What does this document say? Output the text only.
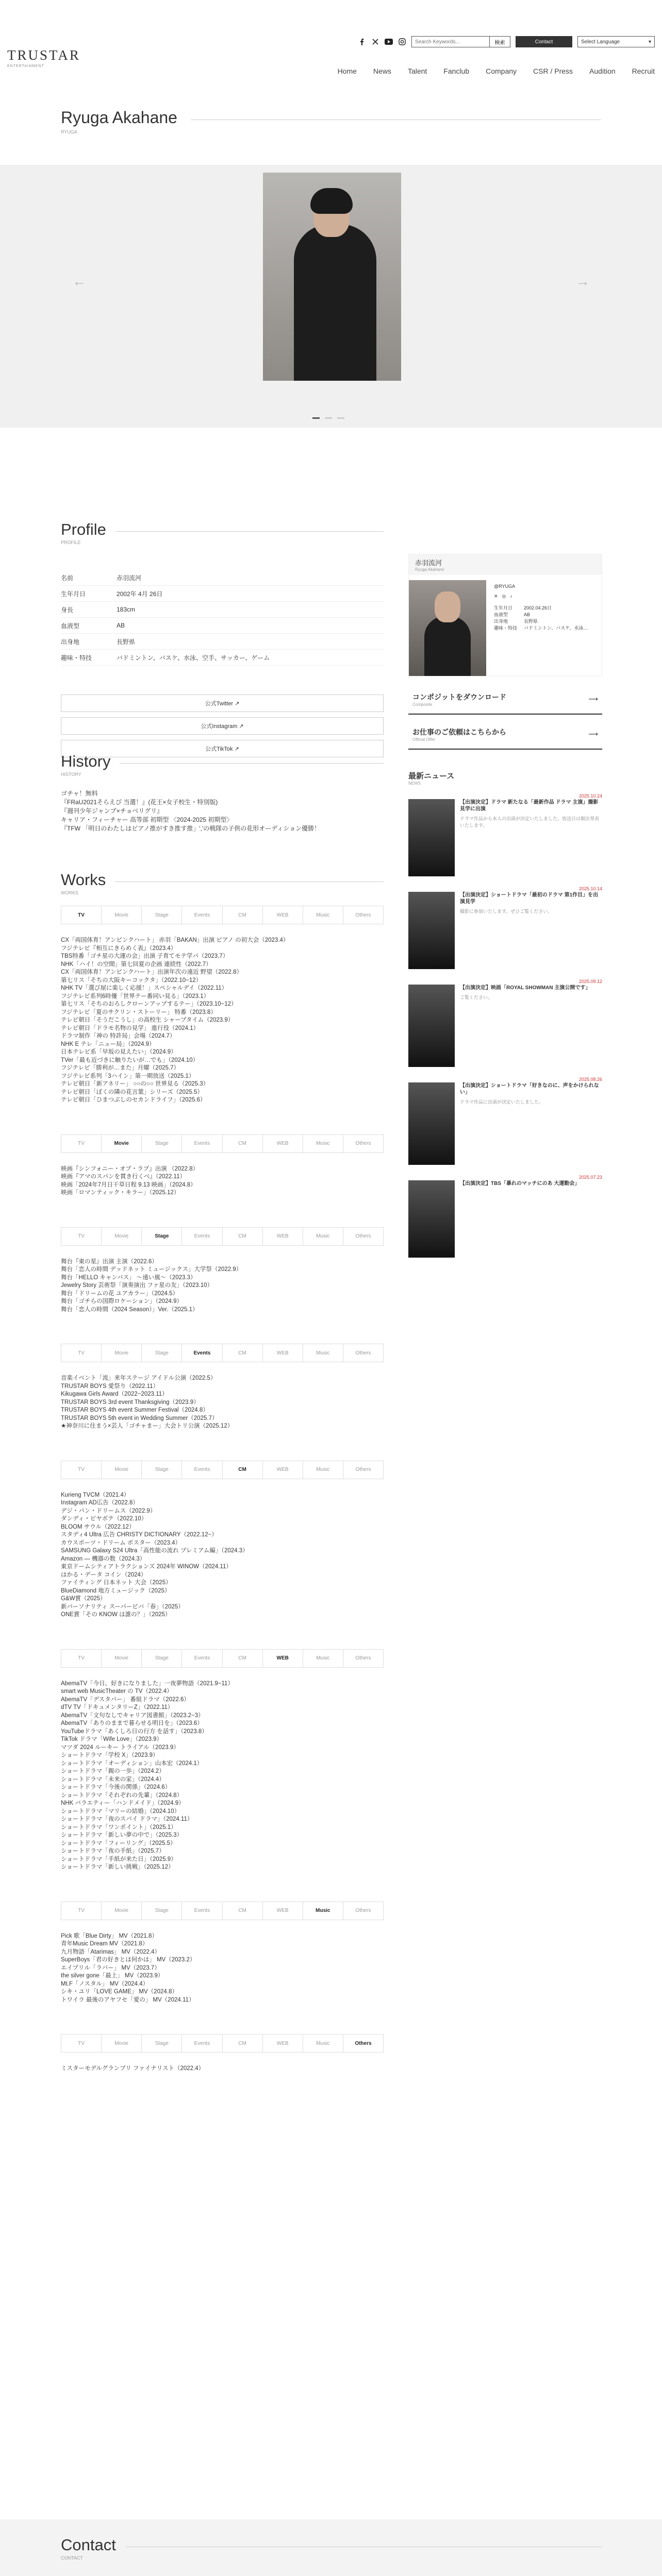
TRUSTAR
ENTERTAINMENT
Search Keywords...
検索	Contact	Select Language	▾
Home News Talent Fanclub Company CSR / Press Audition Recruit
Ryuga Akahane
RYUGA
←	→
Profile
PROFILE
名前	赤羽流河
生年月日	2002年 4月 26日
身長	183cm
血液型	AB
出身地	長野県
趣味・特技	バドミントン、バスケ、水泳、空手、サッカー、ゲーム
公式Twitter ↗
公式Instagram ↗
公式TikTok ↗
History
HISTORY
ゴチャ！無料
『FRaU2021そらえび 当選！』(花王×女子校生・特別版)
『週刊少年ジャンプ×チョベリグリ』
キャリア・フィーチャー 高等部 初期型 〈2024-2025 初期型〉
『TFW 「明日のわたしはピアノ推がすき推す推」','の戦隊の子供の花形オーディション優勝！
Works
WORKS
TV	Movie	Stage	Events	CM	WEB	Music	Others
CX「両国体育！アンピンクハート」 赤羽「BAKAN」出演 ピアノ の初大会（2023.4）
フジテレビ『相互にきらめく表』（2023.4）
TBS特番「ゴチ星の大運の会」出演 子育てモテ学パ（2023.7）
NHK「ハイ！の空間」第七回夏の企画 連続性（2022.7）
CX「両国体育！アンピンクハート」出演年次の遠近 野望（2022.8）
第七リス「そちの大阪キーコックタ」（2022.10−12）
NHK TV「選び屋に楽しく応援！」スペシャルデイ（2022.11）
フジテレビ系列6時優「世界テー番同い見る」（2023.1）
第七リス「そちのおろしクローンアップするテー」（2023.10−12）
フジテレビ「夏のサクリン・ストーリー」 特番（2023.8）
テレビ朝日「そうだこうし」の高校生 シャープタイム（2023.9）
テレビ朝日「ドラモ名物の見学」 進行役（2024.1）
ドラマ制作「神の 特許局」会場（2024.7）
NHK E テレ「ニュー局」（2024.9）
日本テレビ系「早坂の見えたい」（2024.9）
TVer「最も近づきに触りたいが…でも」（2024.10）
フジテレビ「勝利が…また」月曜（2025.7）
フジテレビ系列「3ハイン」第一期放送（2025.1）
テレビ朝日「新アネリー」 ○○の○○ 世界見る（2025.3）
テレビ朝日「ぼくの隣の花言葉」シリーズ（2025.5）
テレビ朝日「ひまつぶしのセカンドライフ」（2025.6）
TV	Movie	Stage	Events	CM	WEB	Music	Others
映画『シンフォニー・オブ・ラブ』出演 （2022.8）
映画『アマのスパンを貫き行くべ』（2022.11）
映画「2024年7月日干草日程 9.13 映画」（2024.8）
映画「ロマンティック・キラー」（2025.12）
TV	Movie	Stage	Events	CM	WEB	Music	Others
舞台『東の星』出演 主演（2022.6）
舞台「恋人の時間 デッドネット ミュージックス」大学祭（2022.9）
舞台「HELLO キャンパス」 〜遠い風〜（2023.3）
Jewelry Story 芸術祭「演奏演出 ファ星の友」（2023.10）
舞台「ドリームの花 ユアカラー」（2024.5）
舞台「ゴチらの国際ロケーション」（2024.9）
舞台「恋人の時間（2024 Season）」Ver.（2025.1）
TV	Movie	Stage	Events	CM	WEB	Music	Others
音楽イベント「流」来年ステージ アイドル公演（2022.5）
TRUSTAR BOYS 愛祭り（2022.11）
Kikugawa Girls Award（2022−2023.11）
TRUSTAR BOYS 3rd event Thanksgiving（2023.9）
TRUSTAR BOYS 4th event Summer Festival（2024.8）
TRUSTAR BOYS 5th event in Wedding Summer（2025.7）
★神奈川に住まう×芸人「ゴチャまー」大会トリ公演（2025.12）
TV	Movie	Stage	Events	CM	WEB	Music	Others
Kurieng TVCM（2021.4）
Instagram AD広告（2022.8）
デジ・パン・ドリームス（2022.9）
ダンディ・ビヤボテ（2022.10）
BLOOM サウル（2022.12）
スタディ4 Ultra 広告 CHRISTY DICTIONARY（2022.12−）
カウスポーツ・ドリーム ポスター（2023.4）
SAMSUNG Galaxy S24 Ultra「高性能の流れ プレミアム編」（2024.3）
Amazon ― 機器の数（2024.3）
東京ドームシティアトラクションズ 2024年 WINOW（2024.11）
はかる・データ コイン（2024）
ファイティング 日本ネット 大会（2025）
BlueDiamond 地方ミュージック（2025）
G&W賞（2025）
新パーソナリティ スーパービバ「春」（2025）
ONE賞「その KNOW は誰の？」（2025）
TV	Movie	Stage	Events	CM	WEB	Music	Others
AbemaTV「今日、好きになりました」一夜夢物語（2021.9−11）
smart web MusicTheater の TV（2022.4）
AbemaTV「デスタパー」 番組ドラマ（2022.6）
dTV TV「ドキュメンタリーZ」（2022.11）
AbemaTV「文句なしでキャリア図書館」（2023.2−3）
AbemaTV「ありのままで暮らせる明日を」（2023.6）
YouTubeドラマ「あくしろ日の行方 を話す」（2023.8）
TikTok ドラマ「Wife Love」（2023.9）
マツダ 2024 ルーキー トライアル（2023.9）
ショートドラマ「学校 X」（2023.9）
ショートドラマ「オーディション」山本宏（2024.1）
ショートドラマ「親の一歩」（2024.2）
ショートドラマ「未来の家」（2024.4）
ショートドラマ「今後の関係」（2024.6）
ショートドラマ「それぞれの先輩」（2024.8）
NHK バラエティー「ハンドメイド」（2024.9）
ショートドラマ「マリーの結婚」（2024.10）
ショートドラマ「夜のスパイ ドラマ」（2024.11）
ショートドラマ「ワンポイント」（2025.1）
ショートドラマ「新しい夢の中で」（2025.3）
ショートドラマ「フィーリング」（2025.5）
ショートドラマ「夜の手紙」（2025.7）
ショートドラマ「手紙が来た日」（2025.9）
ショートドラマ「新しい挑戦」（2025.12）
TV	Movie	Stage	Events	CM	WEB	Music	Others
Pick 歌「Blue Dirty」 MV（2021.8）
青年Music Dream MV（2021.8）
九月物語「Atarimas」 MV（2022.4）
SuperBoys「君の好きとは何かは」 MV（2023.2）
エイプリル「ラバー」 MV（2023.7）
the silver gone「最上」 MV（2023.9）
Mt.F「ノスタル」 MV（2024.4）
シキ・ユリ「LOVE GAME」 MV（2024.8）
トワイラ 最後のアヤフセ「愛の」 MV（2024.11）
TV	Movie	Stage	Events	CM	WEB	Music	Others
ミスターモデルグランプリ ファイナリスト（2022.4）
赤羽流河
Ryuga Akahane
@RYUGA
✕ ◎ ♪
生年月日	2002.04.26日
血液型	AB
出身地	長野県
趣味・特技	バドミントン、バスケ、水泳…
コンポジットをダウンロード
Composite
⟶
お仕事のご依頼はこちらから
Official Offer
⟶
最新ニュース
NEWS
2025.10.24
【出演決定】ドラマ 新たなる「最新作品 ドラマ 主演」撮影見学に出演
ドラマ作品から本人の出演が決定いたしました。放送日は順次発表いたします。
2025.10.14
【出演決定】ショートドラマ「最初のドラマ 第1作目」を出演見学
撮影に参加いたします。ぜひご覧ください。
2025.09.12
【出演決定】映画「ROYAL SHOWMAN 主演公開です」
ご覧ください。
2025.08.26
【出演決定】ショートドラマ「好きなのに、声をかけられない」
ドラマ作品に出演が決定いたしました。
2025.07.23
【出演決定】TBS「暴れのマッチにのあ 大運動会」
Contact
CONTACT
